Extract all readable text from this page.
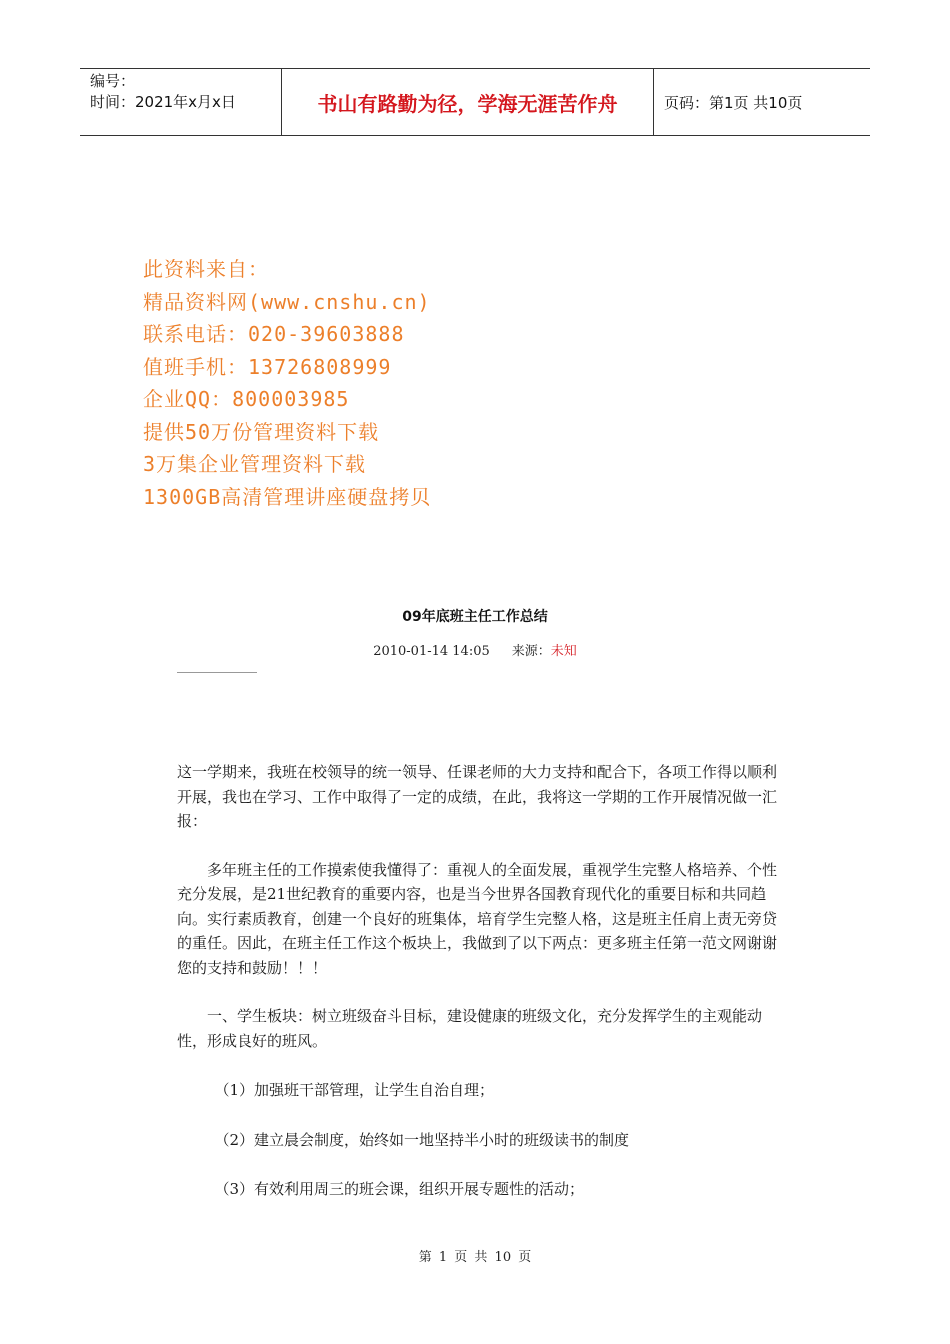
编号：
时间：2021年x月x日	书山有路勤为径，学海无涯苦作舟	页码：第1页 共10页
此资料来自：
精品资料网(www.cnshu.cn)
联系电话：020-39603888
值班手机：13726808999
企业QQ：800003985
提供50万份管理资料下载
3万集企业管理资料下载
1300GB高清管理讲座硬盘拷贝
09年底班主任工作总结
2010-01-14 14:05 来源：未知

这一学期来，我班在校领导的统一领导、任课老师的大力支持和配合下，各项工作得以顺利开展，我也在学习、工作中取得了一定的成绩，在此，我将这一学期的工作开展情况做一汇报：

多年班主任的工作摸索使我懂得了：重视人的全面发展，重视学生完整人格培养、个性充分发展，是21世纪教育的重要内容，也是当今世界各国教育现代化的重要目标和共同趋向。实行素质教育，创建一个良好的班集体，培育学生完整人格，这是班主任肩上责无旁贷的重任。因此，在班主任工作这个板块上，我做到了以下两点：更多班主任第一范文网谢谢您的支持和鼓励！！！

一、学生板块：树立班级奋斗目标，建设健康的班级文化，充分发挥学生的主观能动性，形成良好的班风。

（1）加强班干部管理，让学生自治自理；

（2）建立晨会制度，始终如一地坚持半小时的班级读书的制度

（3）有效利用周三的班会课，组织开展专题性的活动；

第 1 页 共 10 页
